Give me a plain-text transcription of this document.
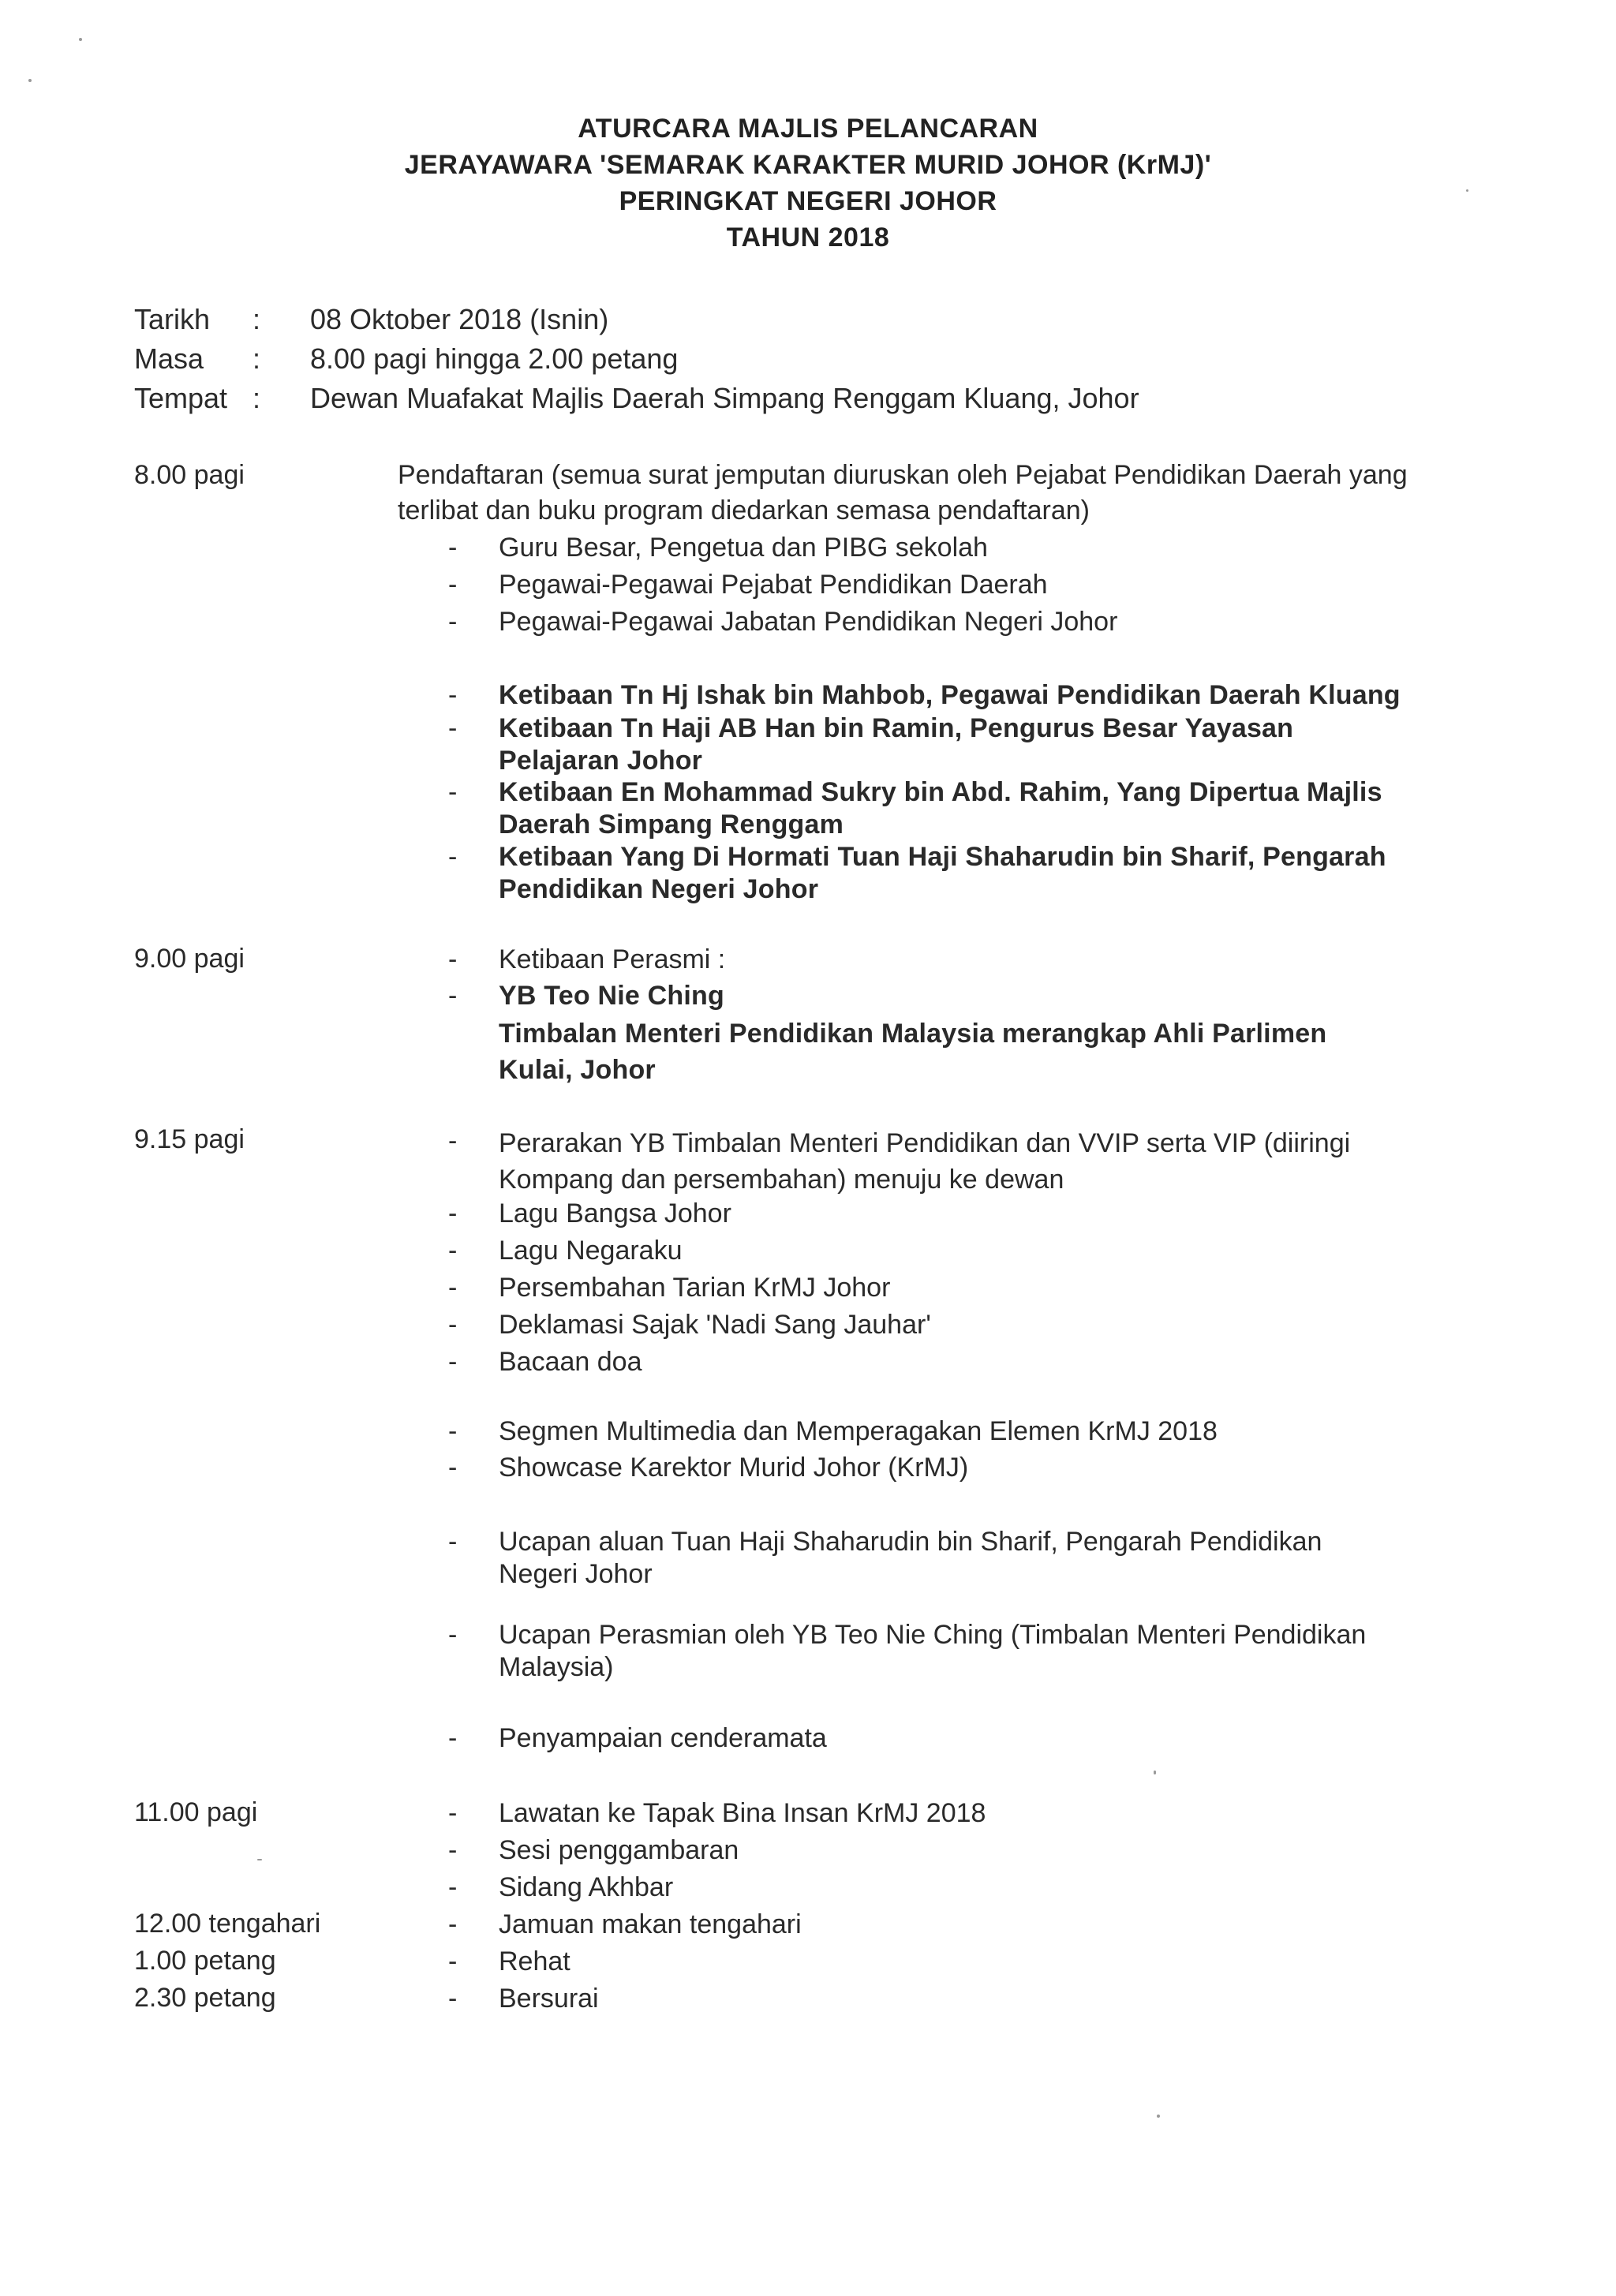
ATURCARA MAJLIS PELANCARAN
JERAYAWARA 'SEMARAK KARAKTER MURID JOHOR (KrMJ)'
PERINGKAT NEGERI JOHOR
TAHUN 2018
Tarikh	: 08 Oktober 2018 (Isnin)
Masa	: 8.00 pagi hingga 2.00 petang
Tempat : Dewan Muafakat Majlis Daerah Simpang Renggam Kluang, Johor
8.00 pagi	Pendaftaran (semua surat jemputan diuruskan oleh Pejabat Pendidikan Daerah yang terlibat dan buku program diedarkan semasa pendaftaran)
- Guru Besar, Pengetua dan PIBG sekolah
- Pegawai-Pegawai Pejabat Pendidikan Daerah
- Pegawai-Pegawai Jabatan Pendidikan Negeri Johor
- Ketibaan Tn Hj Ishak bin Mahbob, Pegawai Pendidikan Daerah Kluang
- Ketibaan Tn Haji AB Han bin Ramin, Pengurus Besar Yayasan Pelajaran Johor
- Ketibaan En Mohammad Sukry bin Abd. Rahim, Yang Dipertua Majlis Daerah Simpang Renggam
- Ketibaan Yang Di Hormati Tuan Haji Shaharudin bin Sharif, Pengarah Pendidikan Negeri Johor
9.00 pagi	- Ketibaan Perasmi :
- YB Teo Nie Ching
Timbalan Menteri Pendidikan Malaysia merangkap Ahli Parlimen Kulai, Johor
9.15 pagi	- Perarakan YB Timbalan Menteri Pendidikan dan VVIP serta VIP (diiringi Kompang dan persembahan) menuju ke dewan
- Lagu Bangsa Johor
- Lagu Negaraku
- Persembahan Tarian KrMJ Johor
- Deklamasi Sajak 'Nadi Sang Jauhar'
- Bacaan doa
- Segmen Multimedia dan Memperagakan Elemen KrMJ 2018
- Showcase Karektor Murid Johor (KrMJ)
- Ucapan aluan Tuan Haji Shaharudin bin Sharif, Pengarah Pendidikan Negeri Johor
- Ucapan Perasmian oleh YB Teo Nie Ching (Timbalan Menteri Pendidikan Malaysia)
- Penyampaian cenderamata
11.00 pagi	- Lawatan ke Tapak Bina Insan KrMJ 2018
- Sesi penggambaran
- Sidang Akhbar
12.00 tengahari	- Jamuan makan tengahari
1.00 petang	- Rehat
2.30 petang	- Bersurai
